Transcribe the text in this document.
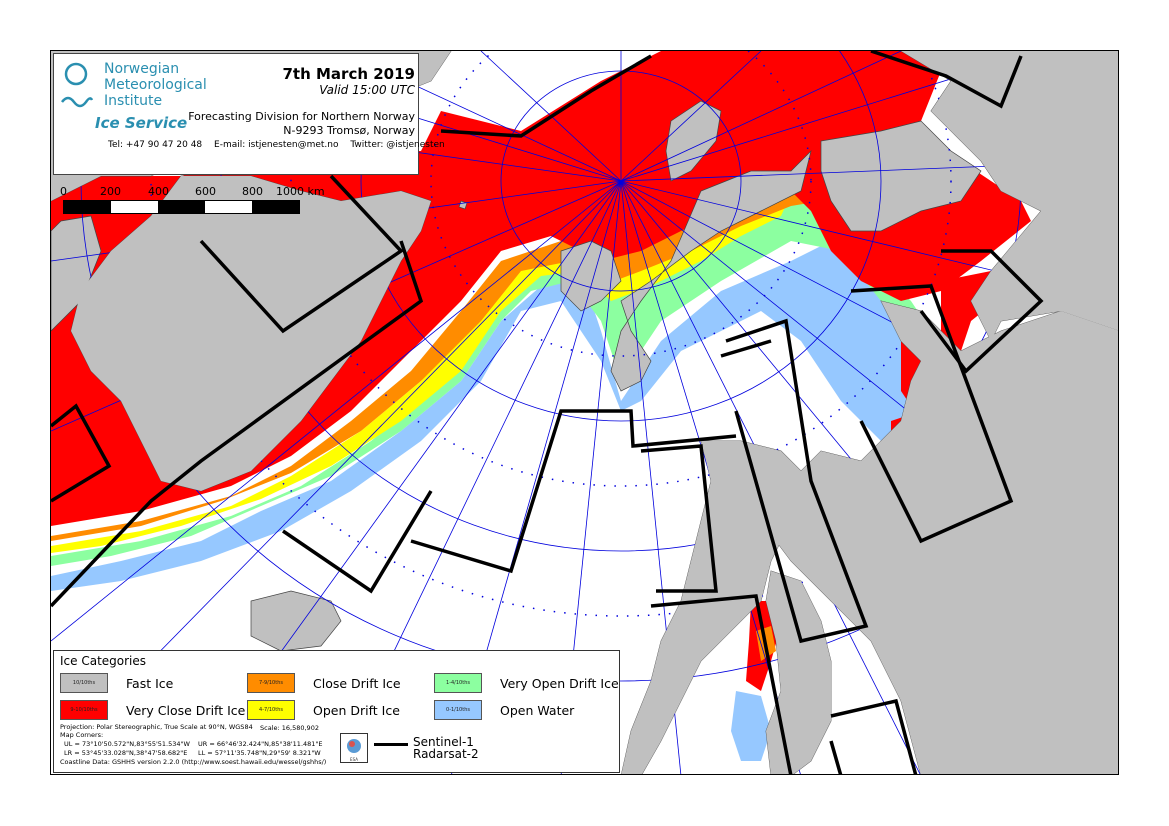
0	200 400 600 800 1000 km
Norwegian
Meteorological
Institute
Ice Service
7th March 2019
Valid 15:00 UTC
Forecasting Division for Northern Norway
N-9293 Tromsø, Norway
Tel: +47 90 47 20 48 E-mail: istjenesten@met.no Twitter: @istjenesten
Ice Categories
10/10ths	Fast Ice
9-10/10ths	Very Close Drift Ice
7-9/10ths	Close Drift Ice
4-7/10ths	Open Drift Ice
1-4/10ths	Very Open Drift Ice
0-1/10ths	Open Water
Projection: Polar Stereographic, True Scale at 90°N, WGS84 Scale: 16,580,902
Map Corners:
UL = 73°10'50.572"N,83°55'51.534"W UR = 66°46'32.424"N,85°38'11.481"E
LR = 53°45'33.028"N,38°47'58.682"E LL = 57°11'35.748"N,29°59' 8.321"W
Coastline Data: GSHHS version 2.2.0 (http://www.soest.hawaii.edu/wessel/gshhs/)	ESA
Sentinel-1
Radarsat-2
